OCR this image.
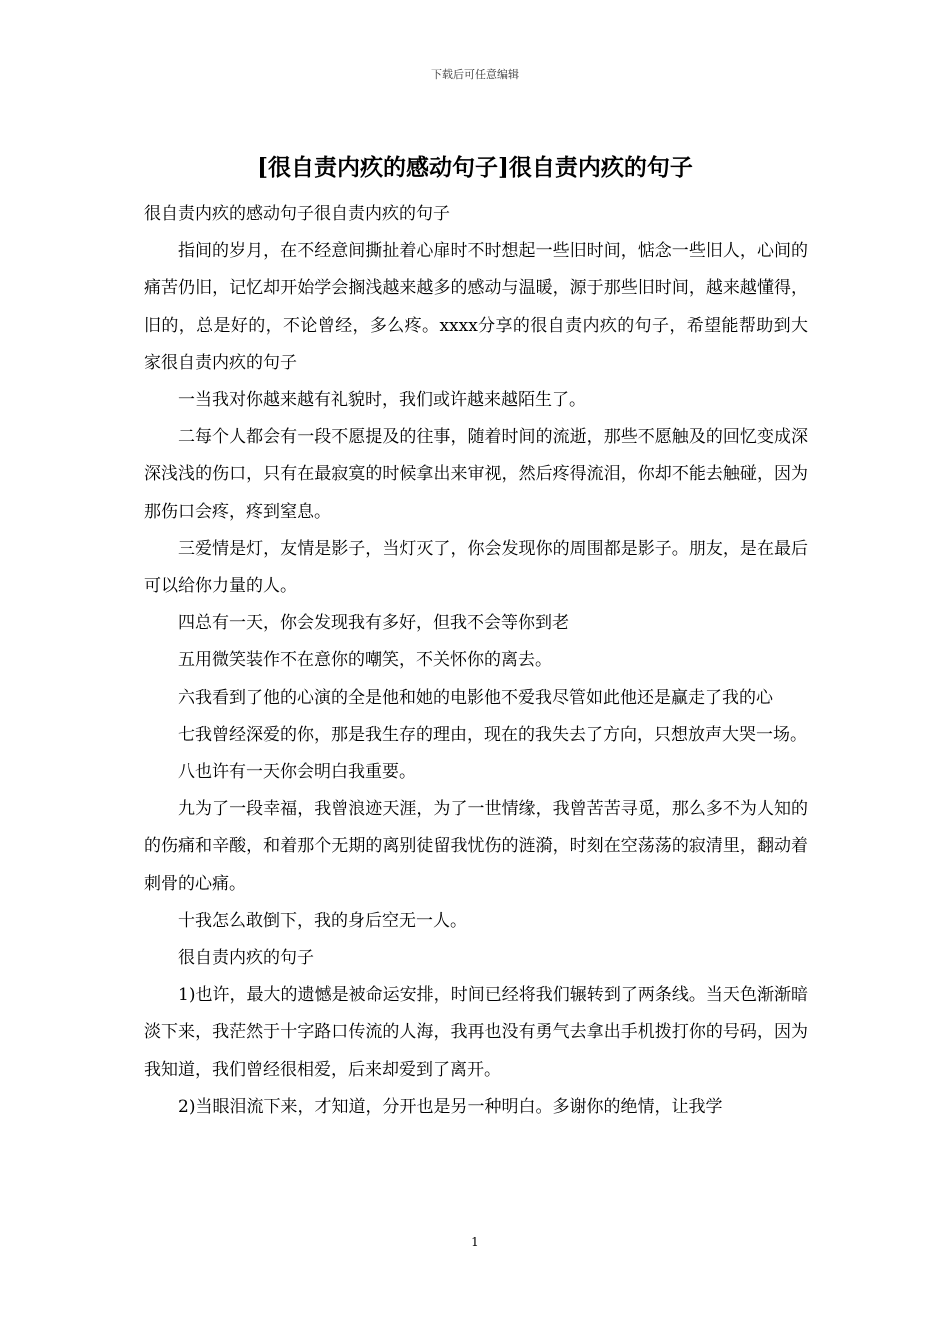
下载后可任意编辑
[很自责内疚的感动句子]很自责内疚的句子

很自责内疚的感动句子很自责内疚的句子

指间的岁月，在不经意间撕扯着心扉时不时想起一些旧时间，惦念一些旧人，心间的痛苦仍旧，记忆却开始学会搁浅越来越多的感动与温暖，源于那些旧时间，越来越懂得，旧的，总是好的，不论曾经，多么疼。xxxx分享的很自责内疚的句子，希望能帮助到大家很自责内疚的句子

一当我对你越来越有礼貌时，我们或许越来越陌生了。

二每个人都会有一段不愿提及的往事，随着时间的流逝，那些不愿触及的回忆变成深深浅浅的伤口，只有在最寂寞的时候拿出来审视，然后疼得流泪，你却不能去触碰，因为那伤口会疼，疼到窒息。

三爱情是灯，友情是影子，当灯灭了，你会发现你的周围都是影子。朋友，是在最后可以给你力量的人。

四总有一天，你会发现我有多好，但我不会等你到老

五用微笑装作不在意你的嘲笑，不关怀你的离去。

六我看到了他的心演的全是他和她的电影他不爱我尽管如此他还是赢走了我的心

七我曾经深爱的你，那是我生存的理由，现在的我失去了方向，只想放声大哭一场。

八也许有一天你会明白我重要。

九为了一段幸福，我曾浪迹天涯，为了一世情缘，我曾苦苦寻觅，那么多不为人知的的伤痛和辛酸，和着那个无期的离别徒留我忧伤的涟漪，时刻在空荡荡的寂清里，翻动着刺骨的心痛。

十我怎么敢倒下，我的身后空无一人。

很自责内疚的句子

1)也许，最大的遗憾是被命运安排，时间已经将我们辗转到了两条线。当天色渐渐暗淡下来，我茫然于十字路口传流的人海，我再也没有勇气去拿出手机拨打你的号码，因为我知道，我们曾经很相爱，后来却爱到了离开。

2)当眼泪流下来，才知道，分开也是另一种明白。多谢你的绝情，让我学

1
